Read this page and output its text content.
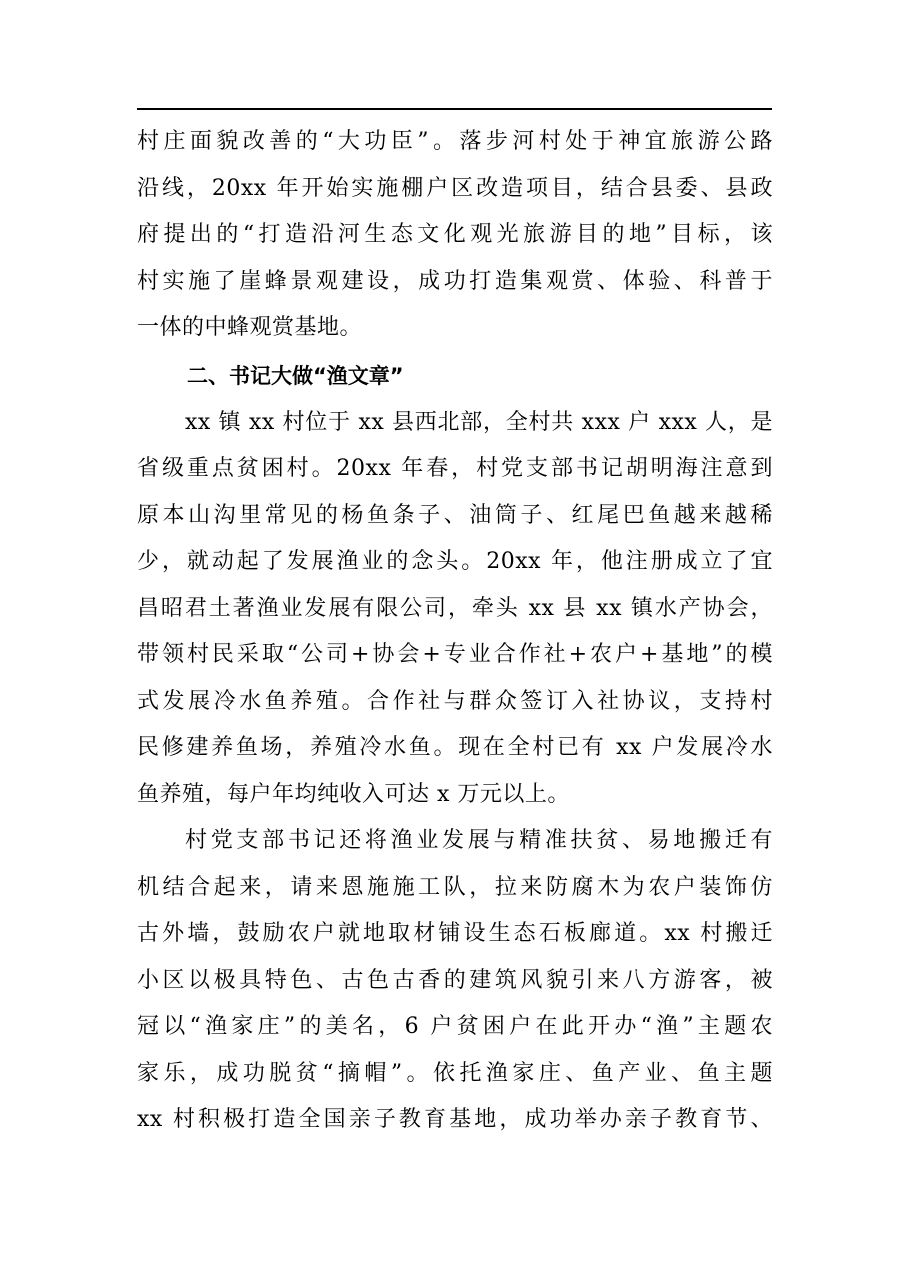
村庄面貌改善的“大功臣”。落步河村处于神宜旅游公路
沿线，20xx 年开始实施棚户区改造项目，结合县委、县政
府提出的“打造沿河生态文化观光旅游目的地”目标，该
村实施了崖蜂景观建设，成功打造集观赏、体验、科普于
一体的中蜂观赏基地。
二、书记大做“渔文章”
xx 镇 xx 村位于 xx 县西北部，全村共 xxx 户 xxx 人，是
省级重点贫困村。20xx 年春，村党支部书记胡明海注意到
原本山沟里常见的杨鱼条子、油筒子、红尾巴鱼越来越稀
少，就动起了发展渔业的念头。20xx 年，他注册成立了宜
昌昭君土著渔业发展有限公司，牵头 xx 县 xx 镇水产协会，
带领村民采取“公司+协会+专业合作社+农户+基地”的模
式发展冷水鱼养殖。合作社与群众签订入社协议，支持村
民修建养鱼场，养殖冷水鱼。现在全村已有 xx 户发展冷水
鱼养殖，每户年均纯收入可达 x 万元以上。
村党支部书记还将渔业发展与精准扶贫、易地搬迁有
机结合起来，请来恩施施工队，拉来防腐木为农户装饰仿
古外墙，鼓励农户就地取材铺设生态石板廊道。xx 村搬迁
小区以极具特色、古色古香的建筑风貌引来八方游客，被
冠以“渔家庄”的美名，6 户贫困户在此开办“渔”主题农
家乐，成功脱贫“摘帽”。依托渔家庄、鱼产业、鱼主题
xx 村积极打造全国亲子教育基地，成功举办亲子教育节、
